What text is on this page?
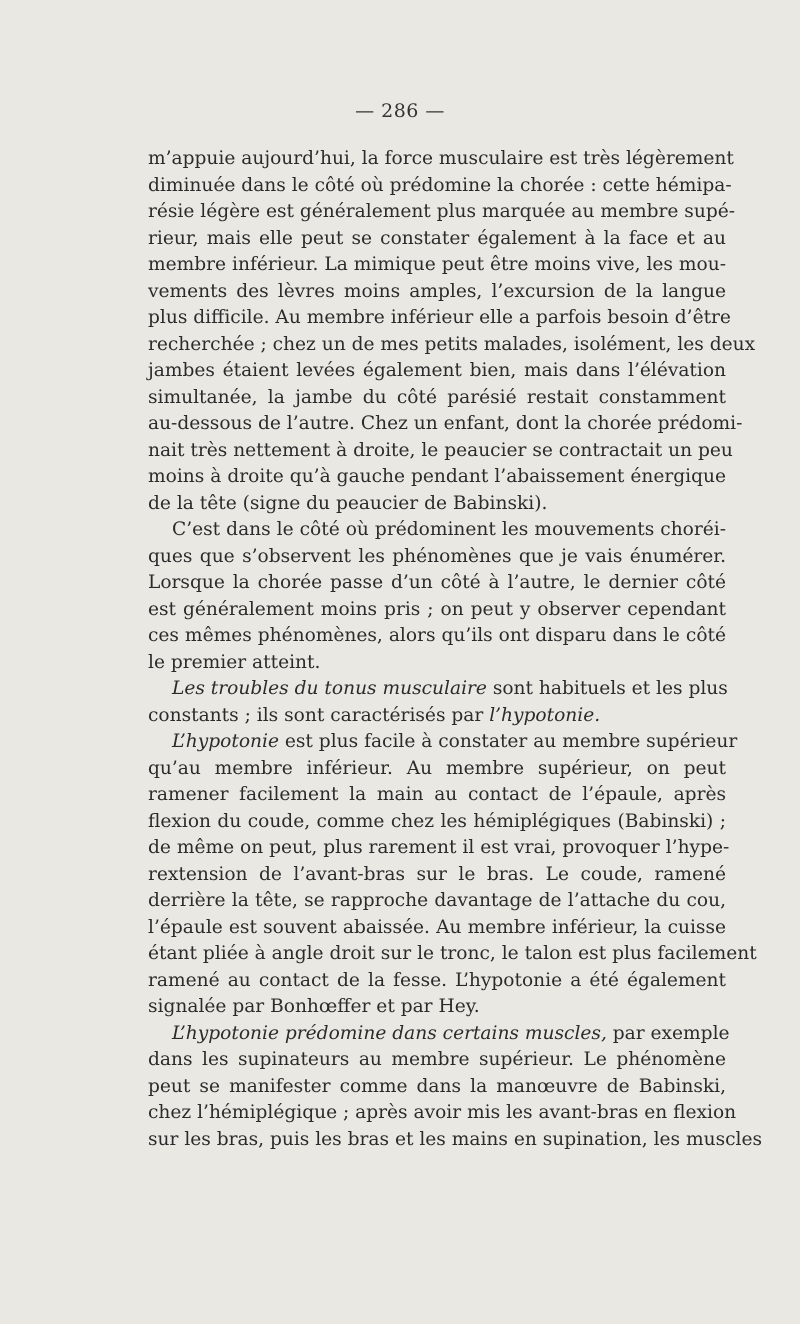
— 286 —
m’appuie aujourd’hui, la force musculaire est très légèrement
diminuée dans le côté où prédomine la chorée : cette hémipa-
résie légère est généralement plus marquée au membre supé-
rieur, mais elle peut se constater également à la face et au
membre inférieur. La mimique peut être moins vive, les mou-
vements des lèvres moins amples, l’excursion de la langue
plus difficile. Au membre inférieur elle a parfois besoin d’être
recherchée ; chez un de mes petits malades, isolément, les deux
jambes étaient levées également bien, mais dans l’élévation
simultanée, la jambe du côté parésié restait constamment
au-dessous de l’autre. Chez un enfant, dont la chorée prédomi-
nait très nettement à droite, le peaucier se contractait un peu
moins à droite qu’à gauche pendant l’abaissement énergique
de la tête (signe du peaucier de Babinski).
C’est dans le côté où prédominent les mouvements choréi-
ques que s’observent les phénomènes que je vais énumérer.
Lorsque la chorée passe d’un côté à l’autre, le dernier côté
est généralement moins pris ; on peut y observer cependant
ces mêmes phénomènes, alors qu’ils ont disparu dans le côté
le premier atteint.
Les troubles du tonus musculaire sont habituels et les plus
constants ; ils sont caractérisés par l’hypotonie.
L’hypotonie est plus facile à constater au membre supérieur
qu’au membre inférieur. Au membre supérieur, on peut
ramener facilement la main au contact de l’épaule, après
flexion du coude, comme chez les hémiplégiques (Babinski) ;
de même on peut, plus rarement il est vrai, provoquer l’hype-
rextension de l’avant-bras sur le bras. Le coude, ramené
derrière la tête, se rapproche davantage de l’attache du cou,
l’épaule est souvent abaissée. Au membre inférieur, la cuisse
étant pliée à angle droit sur le tronc, le talon est plus facilement
ramené au contact de la fesse. L’hypotonie a été également
signalée par Bonhœffer et par Hey.
L’hypotonie prédomine dans certains muscles, par exemple
dans les supinateurs au membre supérieur. Le phénomène
peut se manifester comme dans la manœuvre de Babinski,
chez l’hémiplégique ; après avoir mis les avant-bras en flexion
sur les bras, puis les bras et les mains en supination, les muscles
